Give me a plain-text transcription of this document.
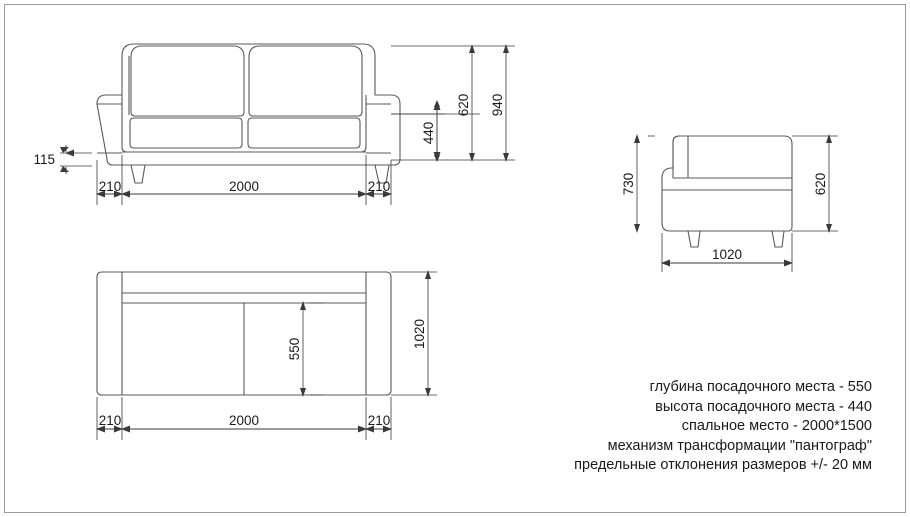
210	2000	210
115
440
620 940
1020
730	620
210	2000	210
550	1020
глубина посадочного места - 550
высота посадочного места - 440
спальное место - 2000*1500
механизм трансформации "пантограф"
предельные отклонения размеров +/- 20 мм
